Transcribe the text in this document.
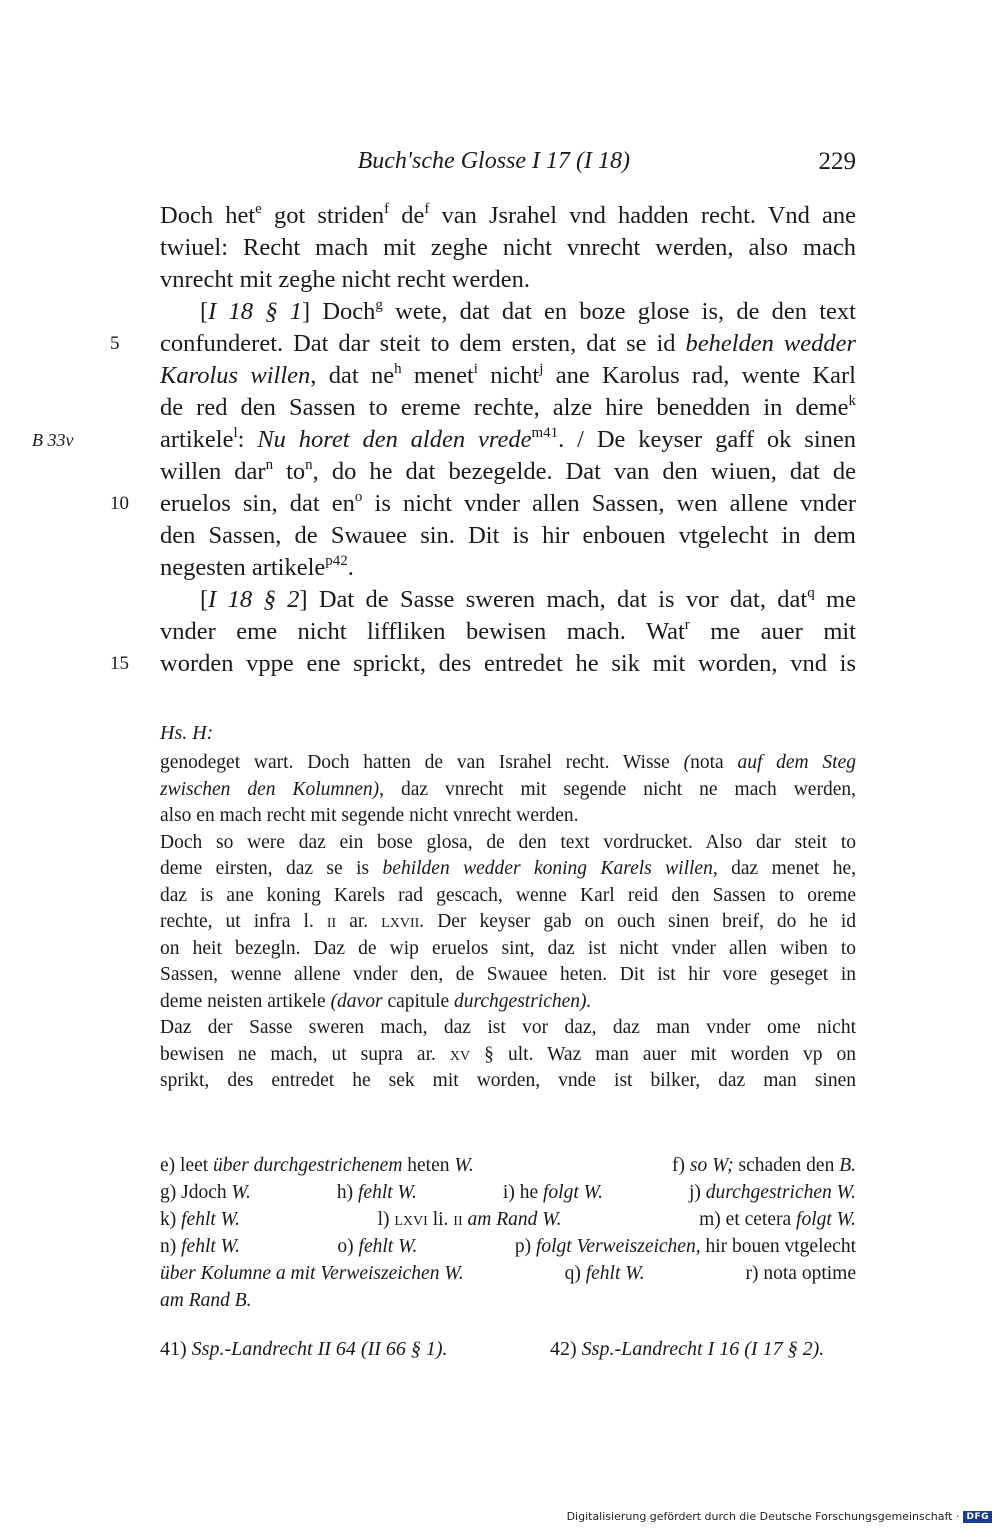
Buch'sche Glosse I 17 (I 18)	229
Doch het$^e$ got striden$^f$ $de^f$ van Jsrahel vnd hadden recht. Vnd ane
twiuel: Recht mach mit zeghe nicht vnrecht werden, also mach
vnrecht mit zeghe nicht recht werden.
[I 18 § 1] Doch$^g$ wete, dat dat en boze glose is, de den text
5 confunderet. Dat dar steit to dem ersten, dat se id behelden wedder
Karolus willen, dat $ne^h$ menet$^i$ nicht$^j$ ane Karolus rad, wente Karl
de red den Sassen to ereme rechte, alze hire benedden in deme$^k$
B 33v	artikele$^l$: Nu horet den alden vrede$^{m41}$. / De keyser gaff ok sinen
willen dar$^n$ $to^n$, do he dat bezegelde. Dat van den wiuen, dat de
10 eruelos sin, dat $en^o$ is nicht vnder allen Sassen, wen allene vnder
den Sassen, de Swauee sin. Dit is hir enbouen vtgelecht in dem
negesten artikele$^{p42}$.
[I 18 § 2] Dat de Sasse sweren mach, dat is vor dat, dat$^q$ me
vnder eme nicht liffliken bewisen mach. Wat$^r$ me auer mit
15 worden vppe ene sprickt, des entredet he sik mit worden, vnd is
Hs. H:
genodeget wart. Doch hatten de van Israhel recht. Wisse (nota auf dem Steg
zwischen den Kolumnen), daz vnrecht mit segende nicht ne mach werden,
also en mach recht mit segende nicht vnrecht werden.
Doch so were daz ein bose glosa, de den text vordrucket. Also dar steit to
deme eirsten, daz se is behilden wedder koning Karels willen, daz menet he,
daz is ane koning Karels rad gescach, wenne Karl reid den Sassen to oreme
rechte, ut infra l. ii ar. lxvii. Der keyser gab on ouch sinen breif, do he id
on heit bezegln. Daz de wip eruelos sint, daz ist nicht vnder allen wiben to
Sassen, wenne allene vnder den, de Swauee heten. Dit ist hir vore geseget in
deme neisten artikele (davor capitule durchgestrichen).
Daz der Sasse sweren mach, daz ist vor daz, daz man vnder ome nicht
bewisen ne mach, ut supra ar. xv § ult. Waz man auer mit worden vp on
sprikt, des entredet he sek mit worden, vnde ist bilker, daz man sinen
e) leet über durchgestrichenem heten W.	f) so W; schaden den B.
g) Jdoch W.	h) fehlt W.	i) he folgt W.	j) durchgestrichen W.
k) fehlt W.	l) lxvi li. ii am Rand W.	m) et cetera folgt W.
n) fehlt W.	o) fehlt W.	p) folgt Verweiszeichen, hir bouen vtgelecht
über Kolumne a mit Verweiszeichen W.	q) fehlt W.	r) nota optime
am Rand B.
41) Ssp.-Landrecht II 64 (II 66 § 1).	42) Ssp.-Landrecht I 16 (I 17 § 2).
Digitalisierung gefördert durch die Deutsche Forschungsgemeinschaft · DFG
